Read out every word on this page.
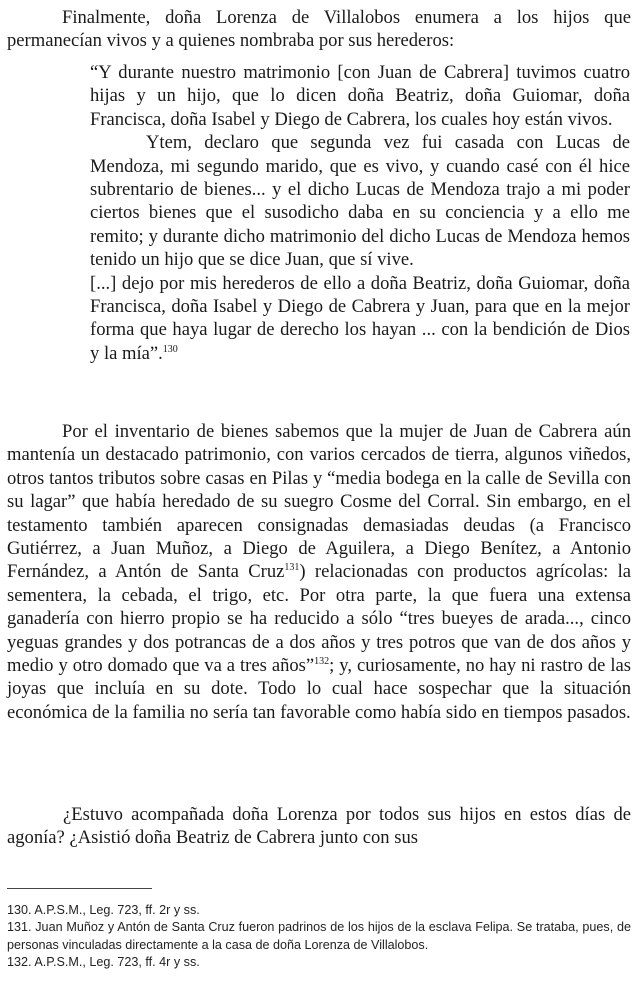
Finalmente, doña Lorenza de Villalobos enumera a los hijos que permanecían vivos y a quienes nombraba por sus herederos:

“Y durante nuestro matrimonio [con Juan de Cabrera] tuvimos cuatro hijas y un hijo, que lo dicen doña Beatriz, doña Guiomar, doña Francisca, doña Isabel y Diego de Cabrera, los cuales hoy están vivos.

Ytem, declaro que segunda vez fui casada con Lucas de Mendoza, mi segundo marido, que es vivo, y cuando casé con él hice subrentario de bienes... y el dicho Lucas de Mendoza trajo a mi poder ciertos bienes que el susodicho daba en su conciencia y a ello me remito; y durante dicho matrimonio del dicho Lucas de Mendoza hemos tenido un hijo que se dice Juan, que sí vive.

[...] dejo por mis herederos de ello a doña Beatriz, doña Guiomar, doña Francisca, doña Isabel y Diego de Cabrera y Juan, para que en la mejor forma que haya lugar de derecho los hayan ... con la bendición de Dios y la mía”.$^{130}$

Por el inventario de bienes sabemos que la mujer de Juan de Cabrera aún mantenía un destacado patrimonio, con varios cercados de tierra, algunos viñedos, otros tantos tributos sobre casas en Pilas y “media bodega en la calle de Sevilla con su lagar” que había heredado de su suegro Cosme del Corral. Sin embargo, en el testamento también aparecen consignadas demasiadas deudas (a Francisco Gutiérrez, a Juan Muñoz, a Diego de Aguilera, a Diego Benítez, a Antonio Fernández, a Antón de Santa Cruz$^{131}$) relacionadas con productos agrícolas: la sementera, la cebada, el trigo, etc. Por otra parte, la que fuera una extensa ganadería con hierro propio se ha reducido a sólo “tres bueyes de arada..., cinco yeguas grandes y dos potrancas de a dos años y tres potros que van de dos años y medio y otro domado que va a tres años”$^{132}$; y, curiosamente, no hay ni rastro de las joyas que incluía en su dote. Todo lo cual hace sospechar que la situación económica de la familia no sería tan favorable como había sido en tiempos pasados.

¿Estuvo acompañada doña Lorenza por todos sus hijos en estos días de agonía? ¿Asistió doña Beatriz de Cabrera junto con sus

130. A.P.S.M., Leg. 723, ff. 2r y ss.

131. Juan Muñoz y Antón de Santa Cruz fueron padrinos de los hijos de la esclava Felipa. Se trataba, pues, de personas vinculadas directamente a la casa de doña Lorenza de Villalobos.

132. A.P.S.M., Leg. 723, ff. 4r y ss.
